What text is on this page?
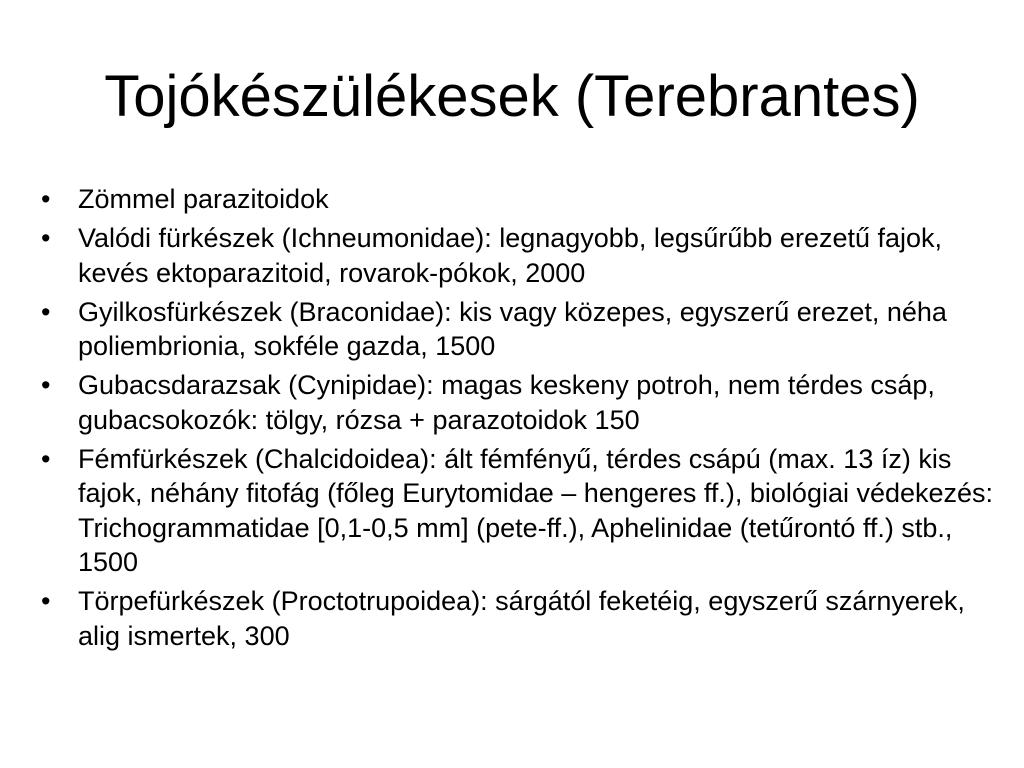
Tojókészülékesek (Terebrantes)
•	Zömmel parazitoidok
•	Valódi fürkészek (Ichneumonidae): legnagyobb, legsűrűbb erezetű fajok, kevés ektoparazitoid, rovarok-pókok, 2000
•	Gyilkosfürkészek (Braconidae): kis vagy közepes, egyszerű erezet, néha poliembrionia, sokféle gazda, 1500
•	Gubacsdarazsak (Cynipidae): magas keskeny potroh, nem térdes csáp, gubacsokozók: tölgy, rózsa + parazotoidok 150
•	Fémfürkészek (Chalcidoidea): ált fémfényű, térdes csápú (max. 13 íz) kis fajok, néhány fitofág (főleg Eurytomidae – hengeres ff.), biológiai védekezés: Trichogrammatidae [0,1-0,5 mm] (pete-ff.), Aphelinidae (tetűrontó ff.) stb., 1500
•	Törpefürkészek (Proctotrupoidea): sárgától feketéig, egyszerű szárnyerek, alig ismertek, 300
